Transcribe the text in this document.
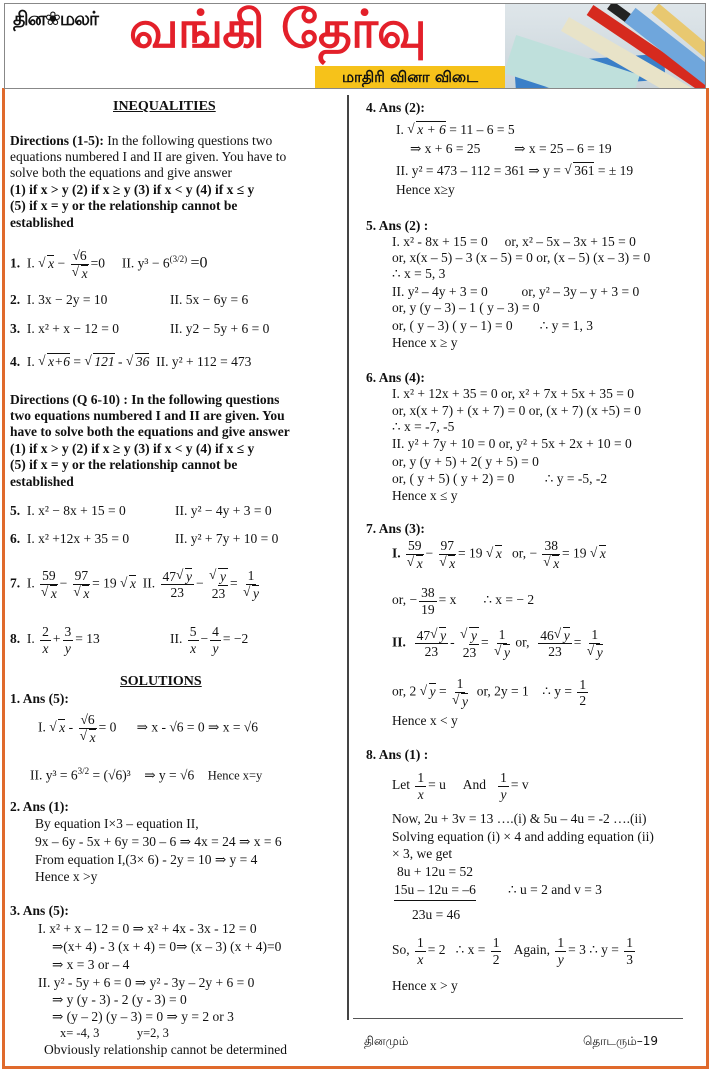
தின❀மலர் வங்கி தேர்வு
மாதிரி வினா விடை
INEQUALITIES
Directions (1-5): In the following questions two
equations numbered I and II are given. You have to
solve both the equations and give answer
(1) if x > y (2) if x ≥ y (3) if x < y (4) if x ≤ y
(5) if x = y or the relationship cannot be
established
1. I. √ x − √6
√ x =0 II. $y^3 - 6^{(3/2)} =0$
2. I. 3x − 2y = 10	II. 5x − 6y = 6
3. I. x² + x − 12 = 0	II. y2 − 5y + 6 = 0
4. I. √ x+6 = √ 121 - √ 36 II. y² + 112 = 473
Directions (Q 6-10) : In the following questions
two equations numbered I and II are given. You
have to solve both the equations and give answer
(1) if x > y (2) if x ≥ y (3) if x < y (4) if x ≤ y
(5) if x = y or the relationship cannot be
established
5. I. x² − 8x + 15 = 0	II. y² − 4y + 3 = 0
6. I. x² +12x + 35 = 0	II. y² + 7y + 10 = 0
7. I. 59
√ x − 97
√ x = 19 √ x II. $\frac{47 √ y}{23}$ − √ $\frac{y}{23} = 1$
√ y
8. I. $\frac{2}{x} + \frac{3}{y} = 13$	II. $\frac{5}{x} - \frac{4}{y} = -2$
SOLUTIONS
1. Ans (5):
I. √ x - √6
√ x = 0 ⇒ x - √6 = 0 ⇒ x = √6
II. $y^3 = 6^{3/2} = (√6)^3$ ⇒ y = √6 Hence x=y
2. Ans (1):
By equation I×3 – equation II,
9x – 6y - 5x + 6y = 30 – 6 ⇒ 4x = 24 ⇒ x = 6
From equation I,(3× 6) - 2y = 10 ⇒ y = 4
Hence x >y
3. Ans (5):
I. x² + x – 12 = 0 ⇒ x² + 4x - 3x - 12 = 0
⇒(x+ 4) - 3 (x + 4) = 0⇒ (x – 3) (x + 4)=0
⇒ x = 3 or – 4
II. y² - 5y + 6 = 0 ⇒ y² - 3y – 2y + 6 = 0
⇒ y (y - 3) - 2 (y - 3) = 0
⇒ (y – 2) (y – 3) = 0 ⇒ y = 2 or 3
x= -4, 3            y=2, 3
Obviously relationship cannot be determined
4. Ans (2):
I. √ x + 6 = 11 – 6 = 5
⇒ x + 6 = 25          ⇒ x = 25 – 6 = 19
II. y² = 473 – 112 = 361 ⇒ y = √ 361 = ± 19
Hence x≥y
5. Ans (2) :
I. x² - 8x + 15 = 0     or, x² – 5x – 3x + 15 = 0
or, x(x – 5) – 3 (x – 5) = 0 or, (x – 5) (x – 3) = 0
∴ x = 5, 3
II. y² – 4y + 3 = 0          or, y² – 3y – y + 3 = 0
or, y (y – 3) – 1 ( y – 3) = 0
or, ( y – 3) ( y – 1) = 0        ∴ y = 1, 3
Hence x ≥ y
6. Ans (4):
I. x² + 12x + 35 = 0 or, x² + 7x + 5x + 35 = 0
or, x(x + 7) + (x + 7) = 0 or, (x + 7) (x +5) = 0
∴ x = -7, -5
II. y² + 7y + 10 = 0 or, y² + 5x + 2x + 10 = 0
or, y (y + 5) + 2( y + 5) = 0
or, ( y + 5) ( y + 2) = 0         ∴ y = -5, -2
Hence x ≤ y
7. Ans (3):
I. 59
√ x − 97
√ x = 19 √ x or, − 38
√ x = 19 √ x
or, − $\frac{38}{19} = x$ ∴ x = − 2
II. $\frac{47 √ y}{23}$ - √ $\frac{y}{23} = 1$
√ y or, $\frac{46 √ y}{23} = 1$
√ y
or, 2 √ y = 1
√ y or, 2y = 1 ∴ $y = \frac{1}{2}$
Hence x < y
8. Ans (1) :
Let $\frac{1}{x} = u$ And $\frac{1}{y} = v$
Now, 2u + 3v = 13 ….(i) & 5u – 4u = -2 ….(ii)
Solving equation (i) × 4 and adding equation (ii)
× 3, we get
8u + 12u = 52
15u – 12u = –6 ∴ u = 2 and v = 3
23u = 46
So, $\frac{1}{x} = 2$ ∴ $x = \frac{1}{2}$ Again, $\frac{1}{y} = 3$ ∴ $y = \frac{1}{3}$
Hence x > y
தினமும்	தொடரும்–19
